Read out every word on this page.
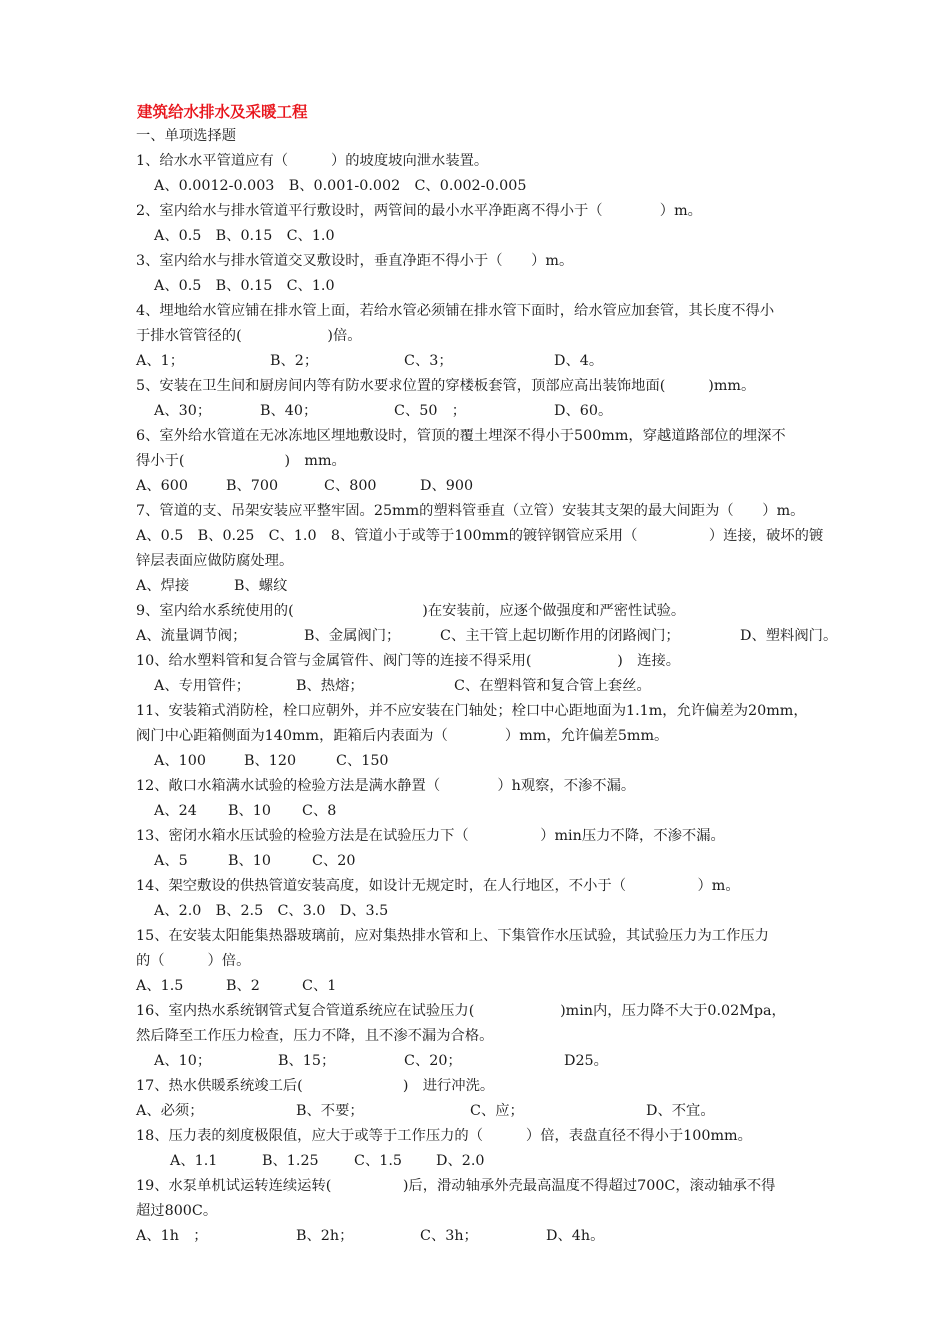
建筑给水排水及采暖工程
一、单项选择题
1、给水水平管道应有（　　　）的坡度坡向泄水装置。
A、0.0012-0.003　B、0.001-0.002　C、0.002-0.005
2、室内给水与排水管道平行敷设时，两管间的最小水平净距离不得小于（　　　　）m。
A、0.5　B、0.15　C、1.0
3、室内给水与排水管道交叉敷设时，垂直净距不得小于（　　）m。
A、0.5　B、0.15　C、1.0
4、埋地给水管应铺在排水管上面，若给水管必须铺在排水管下面时，给水管应加套管，其长度不得小
于排水管管径的(　　　　　　)倍。
A、1；	B、2；	C、3；	D、4。
5、安装在卫生间和厨房间内等有防水要求位置的穿楼板套管，顶部应高出装饰地面(　　　)mm。
A、30；	B、40；	C、50　；	D、60。
6、室外给水管道在无冰冻地区埋地敷设时，管顶的覆土埋深不得小于500mm，穿越道路部位的埋深不
得小于(　　　　　　　)　mm。
A、600	B、700	C、800	D、900
7、管道的支、吊架安装应平整牢固。25mm的塑料管垂直（立管）安装其支架的最大间距为（　　）m。
A、0.5　B、0.25　C、1.0　8、管道小于或等于100mm的镀锌钢管应采用（　　　　　）连接，破坏的镀
锌层表面应做防腐处理。
A、焊接	B、螺纹
9、室内给水系统使用的(　　　　　　　　　)在安装前，应逐个做强度和严密性试验。
A、流量调节阀；	B、金属阀门；	C、主干管上起切断作用的闭路阀门；	D、塑料阀门。
10、给水塑料管和复合管与金属管件、阀门等的连接不得采用(　　　　　　)　连接。
A、专用管件；	B、热熔；	C、在塑料管和复合管上套丝。
11、安装箱式消防栓，栓口应朝外，并不应安装在门轴处；栓口中心距地面为1.1m，允许偏差为20mm，
阀门中心距箱侧面为140mm，距箱后内表面为（　　　　）mm，允许偏差5mm。
A、100	B、120	C、150
12、敞口水箱满水试验的检验方法是满水静置（　　　　）h观察，不渗不漏。
A、24 B、10 C、8
13、密闭水箱水压试验的检验方法是在试验压力下（　　　　　）min压力不降，不渗不漏。
A、5	B、10	C、20
14、架空敷设的供热管道安装高度，如设计无规定时，在人行地区，不小于（　　　　　）m。
A、2.0　B、2.5　C、3.0　D、3.5
15、在安装太阳能集热器玻璃前，应对集热排水管和上、下集管作水压试验，其试验压力为工作压力
的（　　　）倍。
A、1.5	B、2	C、1
16、室内热水系统钢管式复合管道系统应在试验压力(　　　　　　)min内，压力降不大于0.02Mpa，
然后降至工作压力检查，压力不降，且不渗不漏为合格。
A、10；	B、15；	C、20；	D25。
17、热水供暖系统竣工后(　　　　　　　)　进行冲洗。
A、必须；	B、不要；	C、应；	D、不宜。
18、压力表的刻度极限值，应大于或等于工作压力的（　　　）倍，表盘直径不得小于100mm。
A、1.1	B、1.25 C、1.5 D、2.0
19、水泵单机试运转连续运转(　　　　　)后，滑动轴承外壳最高温度不得超过700C，滚动轴承不得
超过800C。
A、1h　；	B、2h；	C、3h；	D、4h。
